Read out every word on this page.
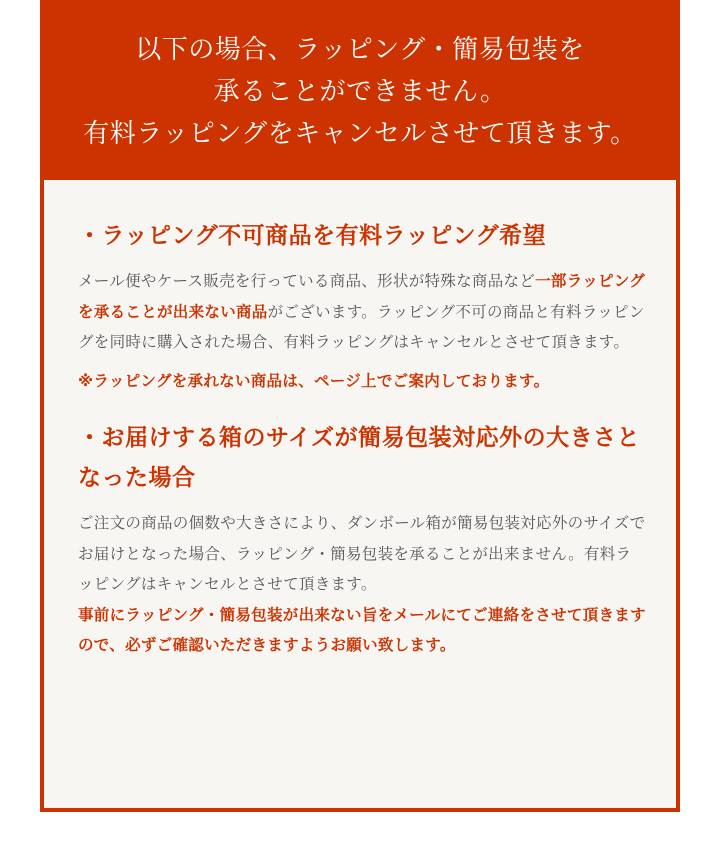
以下の場合、ラッピング・簡易包装を
承ることができません。
有料ラッピングをキャンセルさせて頂きます。
・ラッピング不可商品を有料ラッピング希望

メール便やケース販売を行っている商品、形状が特殊な商品など一部ラッピングを承ることが出来ない商品がございます。ラッピング不可の商品と有料ラッピングを同時に購入された場合、有料ラッピングはキャンセルとさせて頂きます。

※ラッピングを承れない商品は、ページ上でご案内しております。

・お届けする箱のサイズが簡易包装対応外の大きさとなった場合

ご注文の商品の個数や大きさにより、ダンボール箱が簡易包装対応外のサイズでお届けとなった場合、ラッピング・簡易包装を承ることが出来ません。有料ラッピングはキャンセルとさせて頂きます。

事前にラッピング・簡易包装が出来ない旨をメールにてご連絡をさせて頂きますので、必ずご確認いただきますようお願い致します。
